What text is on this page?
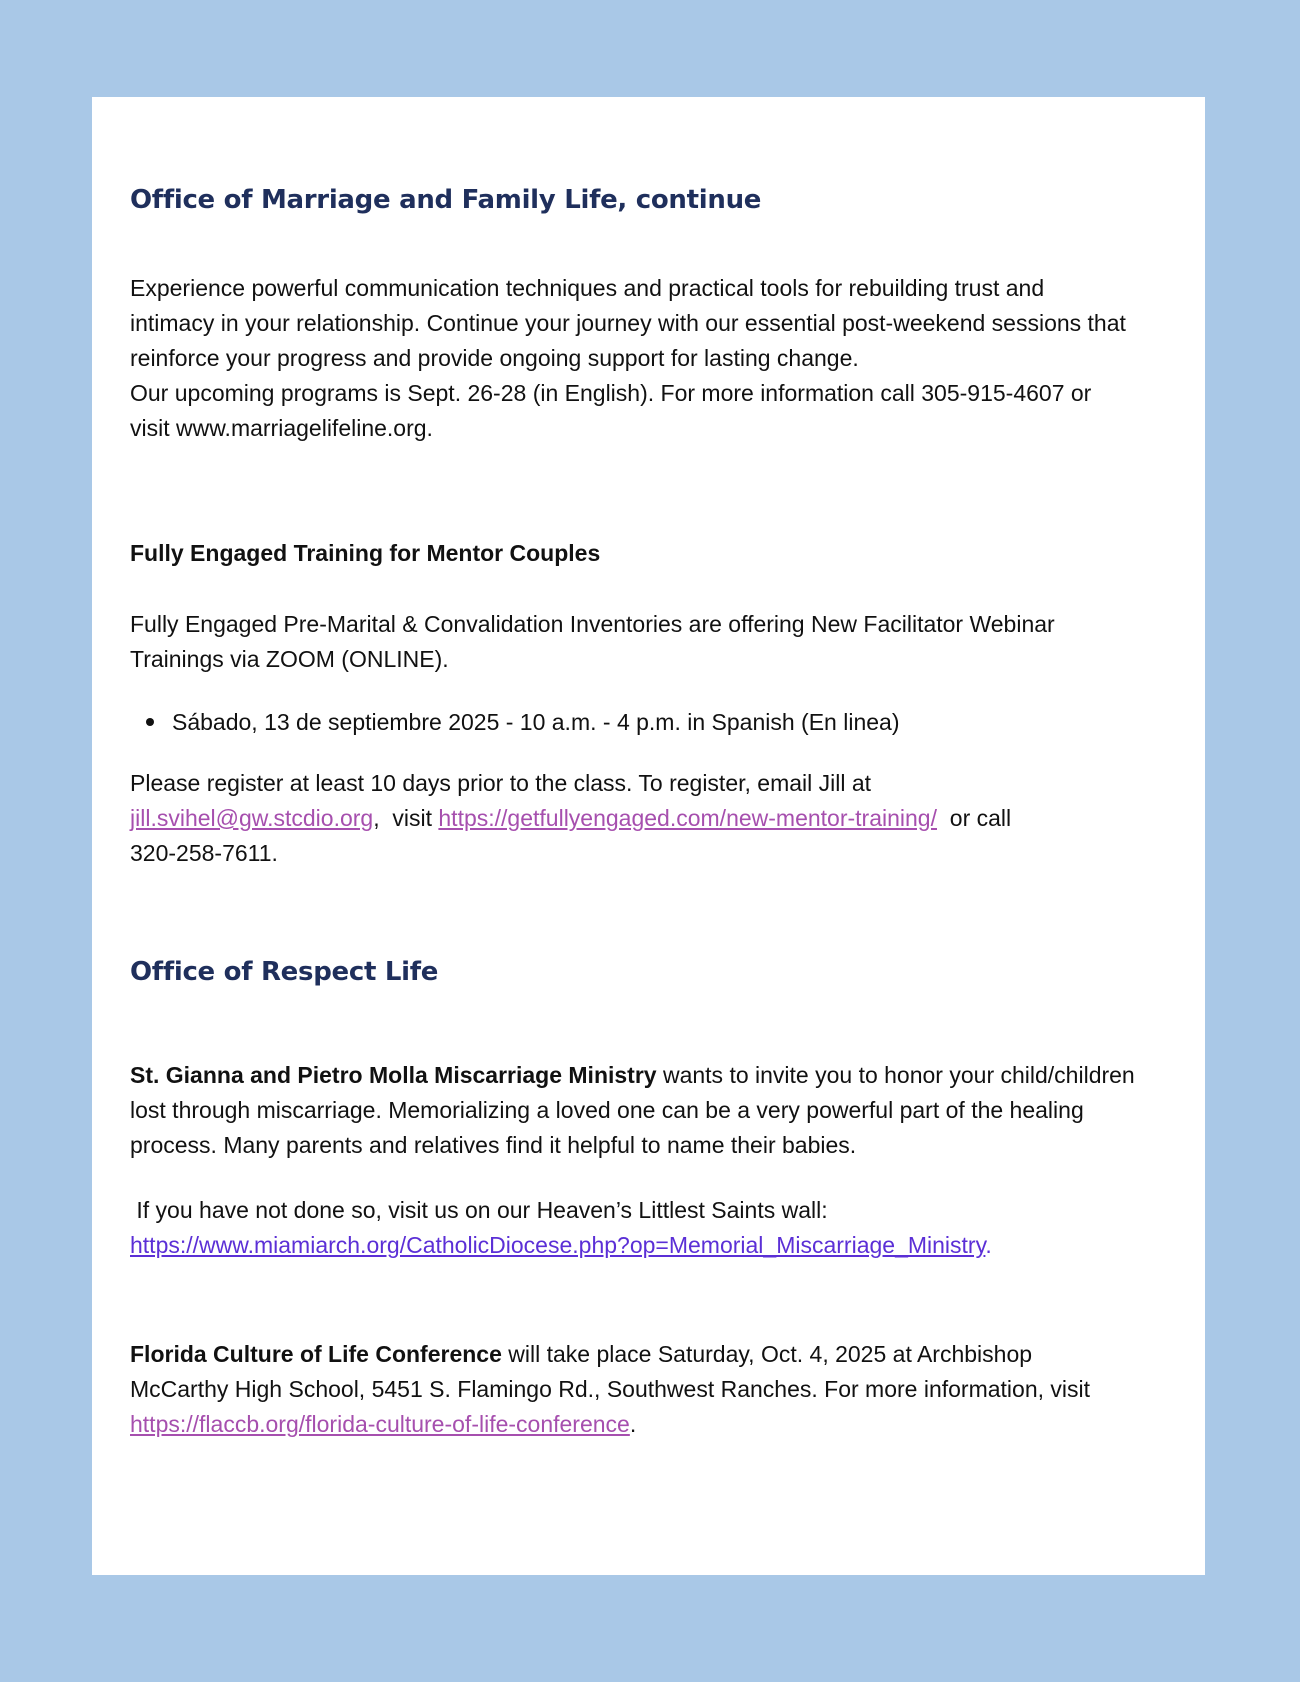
Office of Marriage and Family Life, continue
Experience powerful communication techniques and practical tools for rebuilding trust and intimacy in your relationship. Continue your journey with our essential post-weekend sessions that reinforce your progress and provide ongoing support for lasting change.
Our upcoming programs is Sept. 26-28 (in English). For more information call 305-915-4607 or visit www.marriagelifeline.org.
Fully Engaged Training for Mentor Couples
Fully Engaged Pre-Marital & Convalidation Inventories are offering New Facilitator Webinar Trainings via ZOOM (ONLINE).
Sábado, 13 de septiembre 2025 - 10 a.m. - 4 p.m. in Spanish (En linea)
Please register at least 10 days prior to the class. To register, email Jill at
jill.svihel@gw.stcdio.org,  visit https://getfullyengaged.com/new-mentor-training/  or call
320-258-7611.
Office of Respect Life
St. Gianna and Pietro Molla Miscarriage Ministry wants to invite you to honor your child/children lost through miscarriage. Memorializing a loved one can be a very powerful part of the healing process. Many parents and relatives find it helpful to name their babies.
If you have not done so, visit us on our Heaven’s Littlest Saints wall:
https://www.miamiarch.org/CatholicDiocese.php?op=Memorial_Miscarriage_Ministry.
Florida Culture of Life Conference will take place Saturday, Oct. 4, 2025 at Archbishop McCarthy High School, 5451 S. Flamingo Rd., Southwest Ranches. For more information, visit https://flaccb.org/florida-culture-of-life-conference.
